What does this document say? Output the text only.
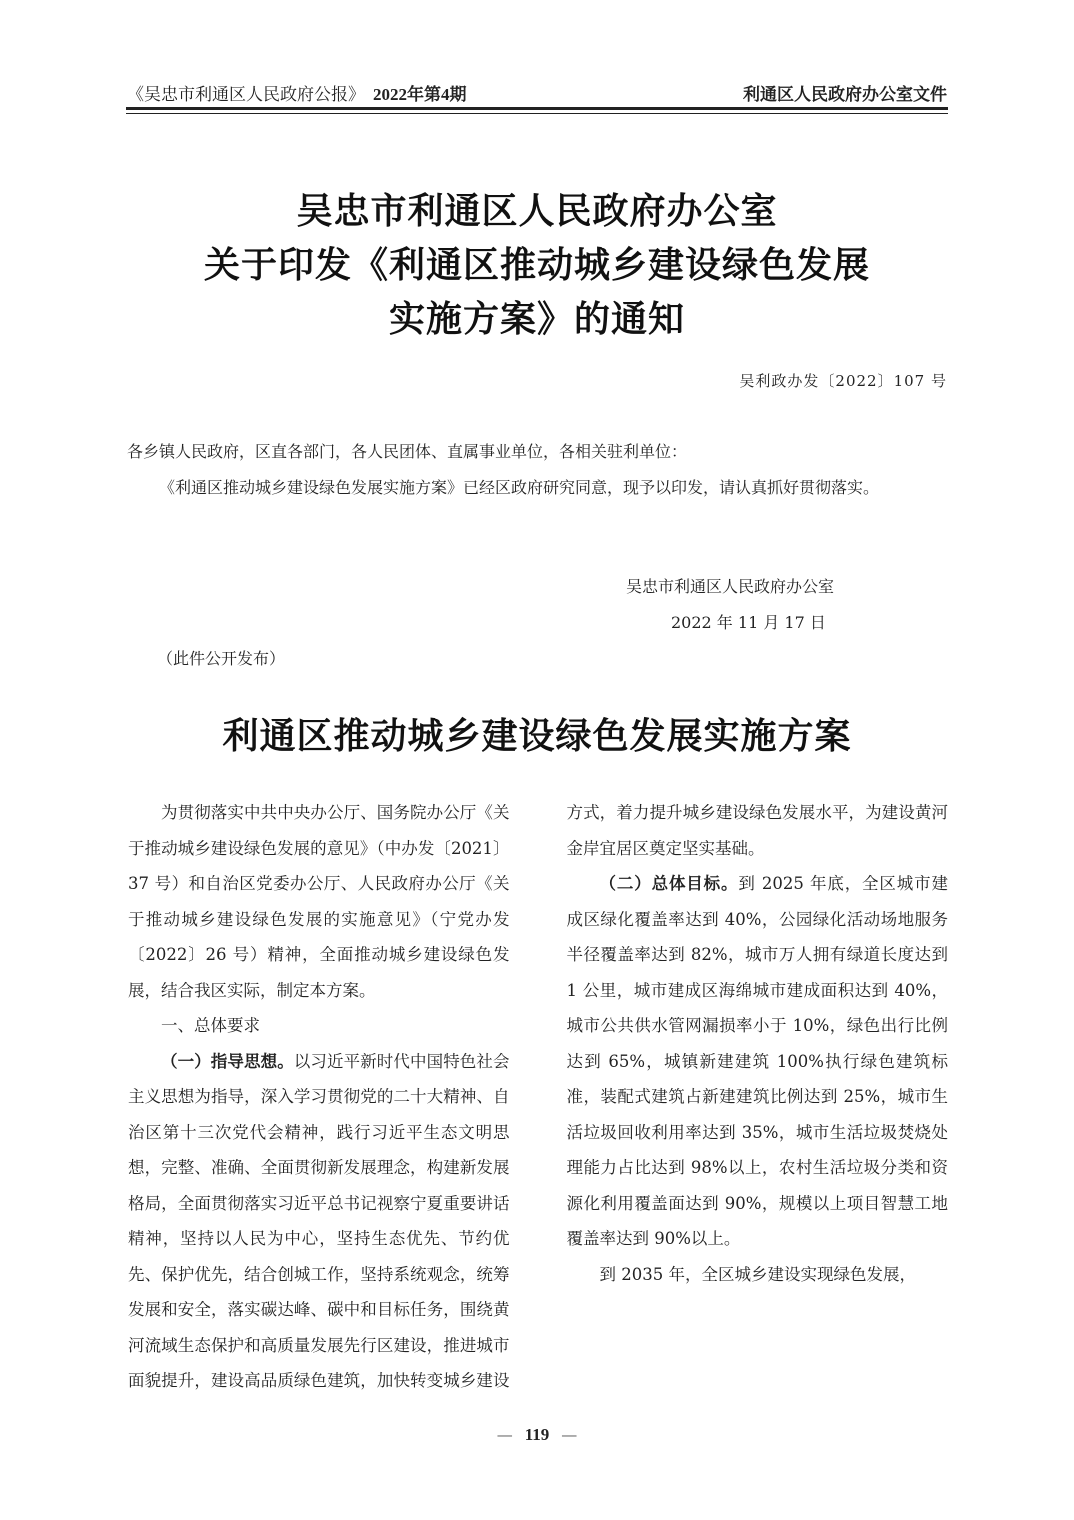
《吴忠市利通区人民政府公报》 2022年第4期	利通区人民政府办公室文件
吴忠市利通区人民政府办公室
关于印发《利通区推动城乡建设绿色发展
实施方案》的通知
吴利政办发〔2022〕107 号
各乡镇人民政府，区直各部门，各人民团体、直属事业单位，各相关驻利单位：
《利通区推动城乡建设绿色发展实施方案》已经区政府研究同意，现予以印发，请认真抓好贯彻落实。
吴忠市利通区人民政府办公室
2022 年 11 月 17 日
（此件公开发布）
利通区推动城乡建设绿色发展实施方案

为贯彻落实中共中央办公厅、国务院办公厅《关于推动城乡建设绿色发展的意见》（中办发〔2021〕37 号）和自治区党委办公厅、人民政府办公厅《关于推动城乡建设绿色发展的实施意见》（宁党办发〔2022〕26 号）精神，全面推动城乡建设绿色发展，结合我区实际，制定本方案。

一、总体要求

（一）指导思想。以习近平新时代中国特色社会主义思想为指导，深入学习贯彻党的二十大精神、自治区第十三次党代会精神，践行习近平生态文明思想，完整、准确、全面贯彻新发展理念，构建新发展格局，全面贯彻落实习近平总书记视察宁夏重要讲话精神，坚持以人民为中心，坚持生态优先、节约优先、保护优先，结合创城工作，坚持系统观念，统筹发展和安全，落实碳达峰、碳中和目标任务，围绕黄河流域生态保护和高质量发展先行区建设，推进城市面貌提升，建设高品质绿色建筑，加快转变城乡建设方式，着力提升城乡建设绿色发展水平，为建设黄河金岸宜居区奠定坚实基础。

（二）总体目标。到 2025 年底，全区城市建成区绿化覆盖率达到 40%，公园绿化活动场地服务半径覆盖率达到 82%，城市万人拥有绿道长度达到 1 公里，城市建成区海绵城市建成面积达到 40%，城市公共供水管网漏损率小于 10%，绿色出行比例达到 65%，城镇新建建筑 100%执行绿色建筑标准，装配式建筑占新建建筑比例达到 25%，城市生活垃圾回收利用率达到 35%，城市生活垃圾焚烧处理能力占比达到 98%以上，农村生活垃圾分类和资源化利用覆盖面达到 90%，规模以上项目智慧工地覆盖率达到 90%以上。

到 2035 年，全区城乡建设实现绿色发展，

— 119 —
